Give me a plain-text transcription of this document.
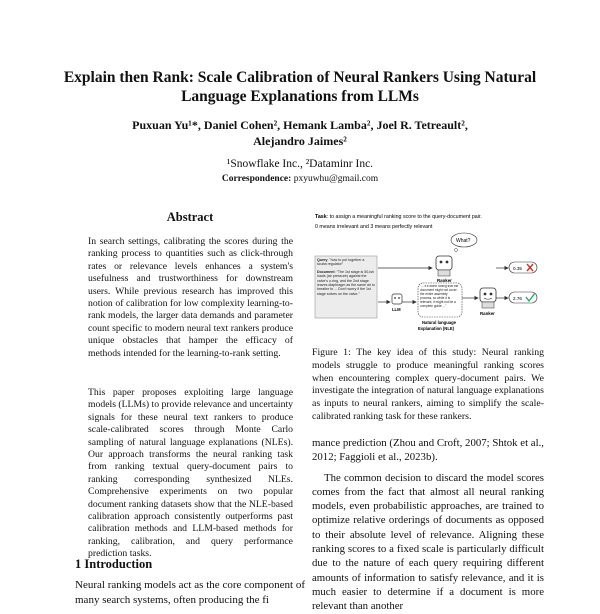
Explain then Rank: Scale Calibration of Neural Rankers Using Natural
Language Explanations from LLMs
Puxuan Yu¹*, Daniel Cohen², Hemank Lamba², Joel R. Tetreault²,
Alejandro Jaimes²
¹Snowflake Inc., ²Dataminr Inc.
Correspondence: pxyuwhu@gmail.com
Abstract
In search settings, calibrating the scores during the ranking process to quantities such as click-through rates or relevance levels enhances a system's usefulness and trustworthiness for downstream users. While previous research has improved this notion of calibration for low complexity learning-to-rank models, the larger data demands and parameter count specific to modern neural text rankers produce unique obstacles that hamper the efficacy of methods intended for the learning-to-rank setting.
This paper proposes exploiting large language models (LLMs) to provide relevance and uncertainty signals for these neural text rankers to produce scale-calibrated scores through Monte Carlo sampling of natural language explanations (NLEs). Our approach transforms the neural ranking task from ranking textual query-document pairs to ranking corresponding synthesized NLEs. Comprehensive experiments on two popular document ranking datasets show that the NLE-based calibration approach consistently outperforms past calibration methods and LLM-based methods for ranking, calibration, and query performance prediction tasks.
1 Introduction
Neural ranking models act as the core component of many search systems, often producing the fi
Task: to assign a meaningful ranking score to the query-document pair.
0 means irrelevant and 3 means perfectly relevant
Query: "how to put together a scuba regulator"
Document: "The 1st stage is 50-ish loads (air pressure) against the valve's o-ring, and the 2nd stage leaves diaphragm as the same air to breathe to ... Don't worry if the 1st stage solves on the valve."
Ranker
What?
0.35
LLM
"... it's worth noting that the document might not cover the entire assembly process, so while it is relevant, it might not be a complete guide ..."
Natural language
Explanation (NLE)
Ranker
2.76
Figure 1: The key idea of this study: Neural ranking models struggle to produce meaningful ranking scores when encountering complex query-document pairs. We investigate the integration of natural language explanations as inputs to neural rankers, aiming to simplify the scale-calibrated ranking task for these rankers.
mance prediction (Zhou and Croft, 2007; Shtok et al., 2012; Faggioli et al., 2023b).
The common decision to discard the model scores comes from the fact that almost all neural ranking models, even probabilistic approaches, are trained to optimize relative orderings of documents as opposed to their absolute level of relevance. Aligning these ranking scores to a fixed scale is particularly difficult due to the nature of each query requiring different amounts of information to satisfy relevance, and it is much easier to determine if a document is more relevant than another
